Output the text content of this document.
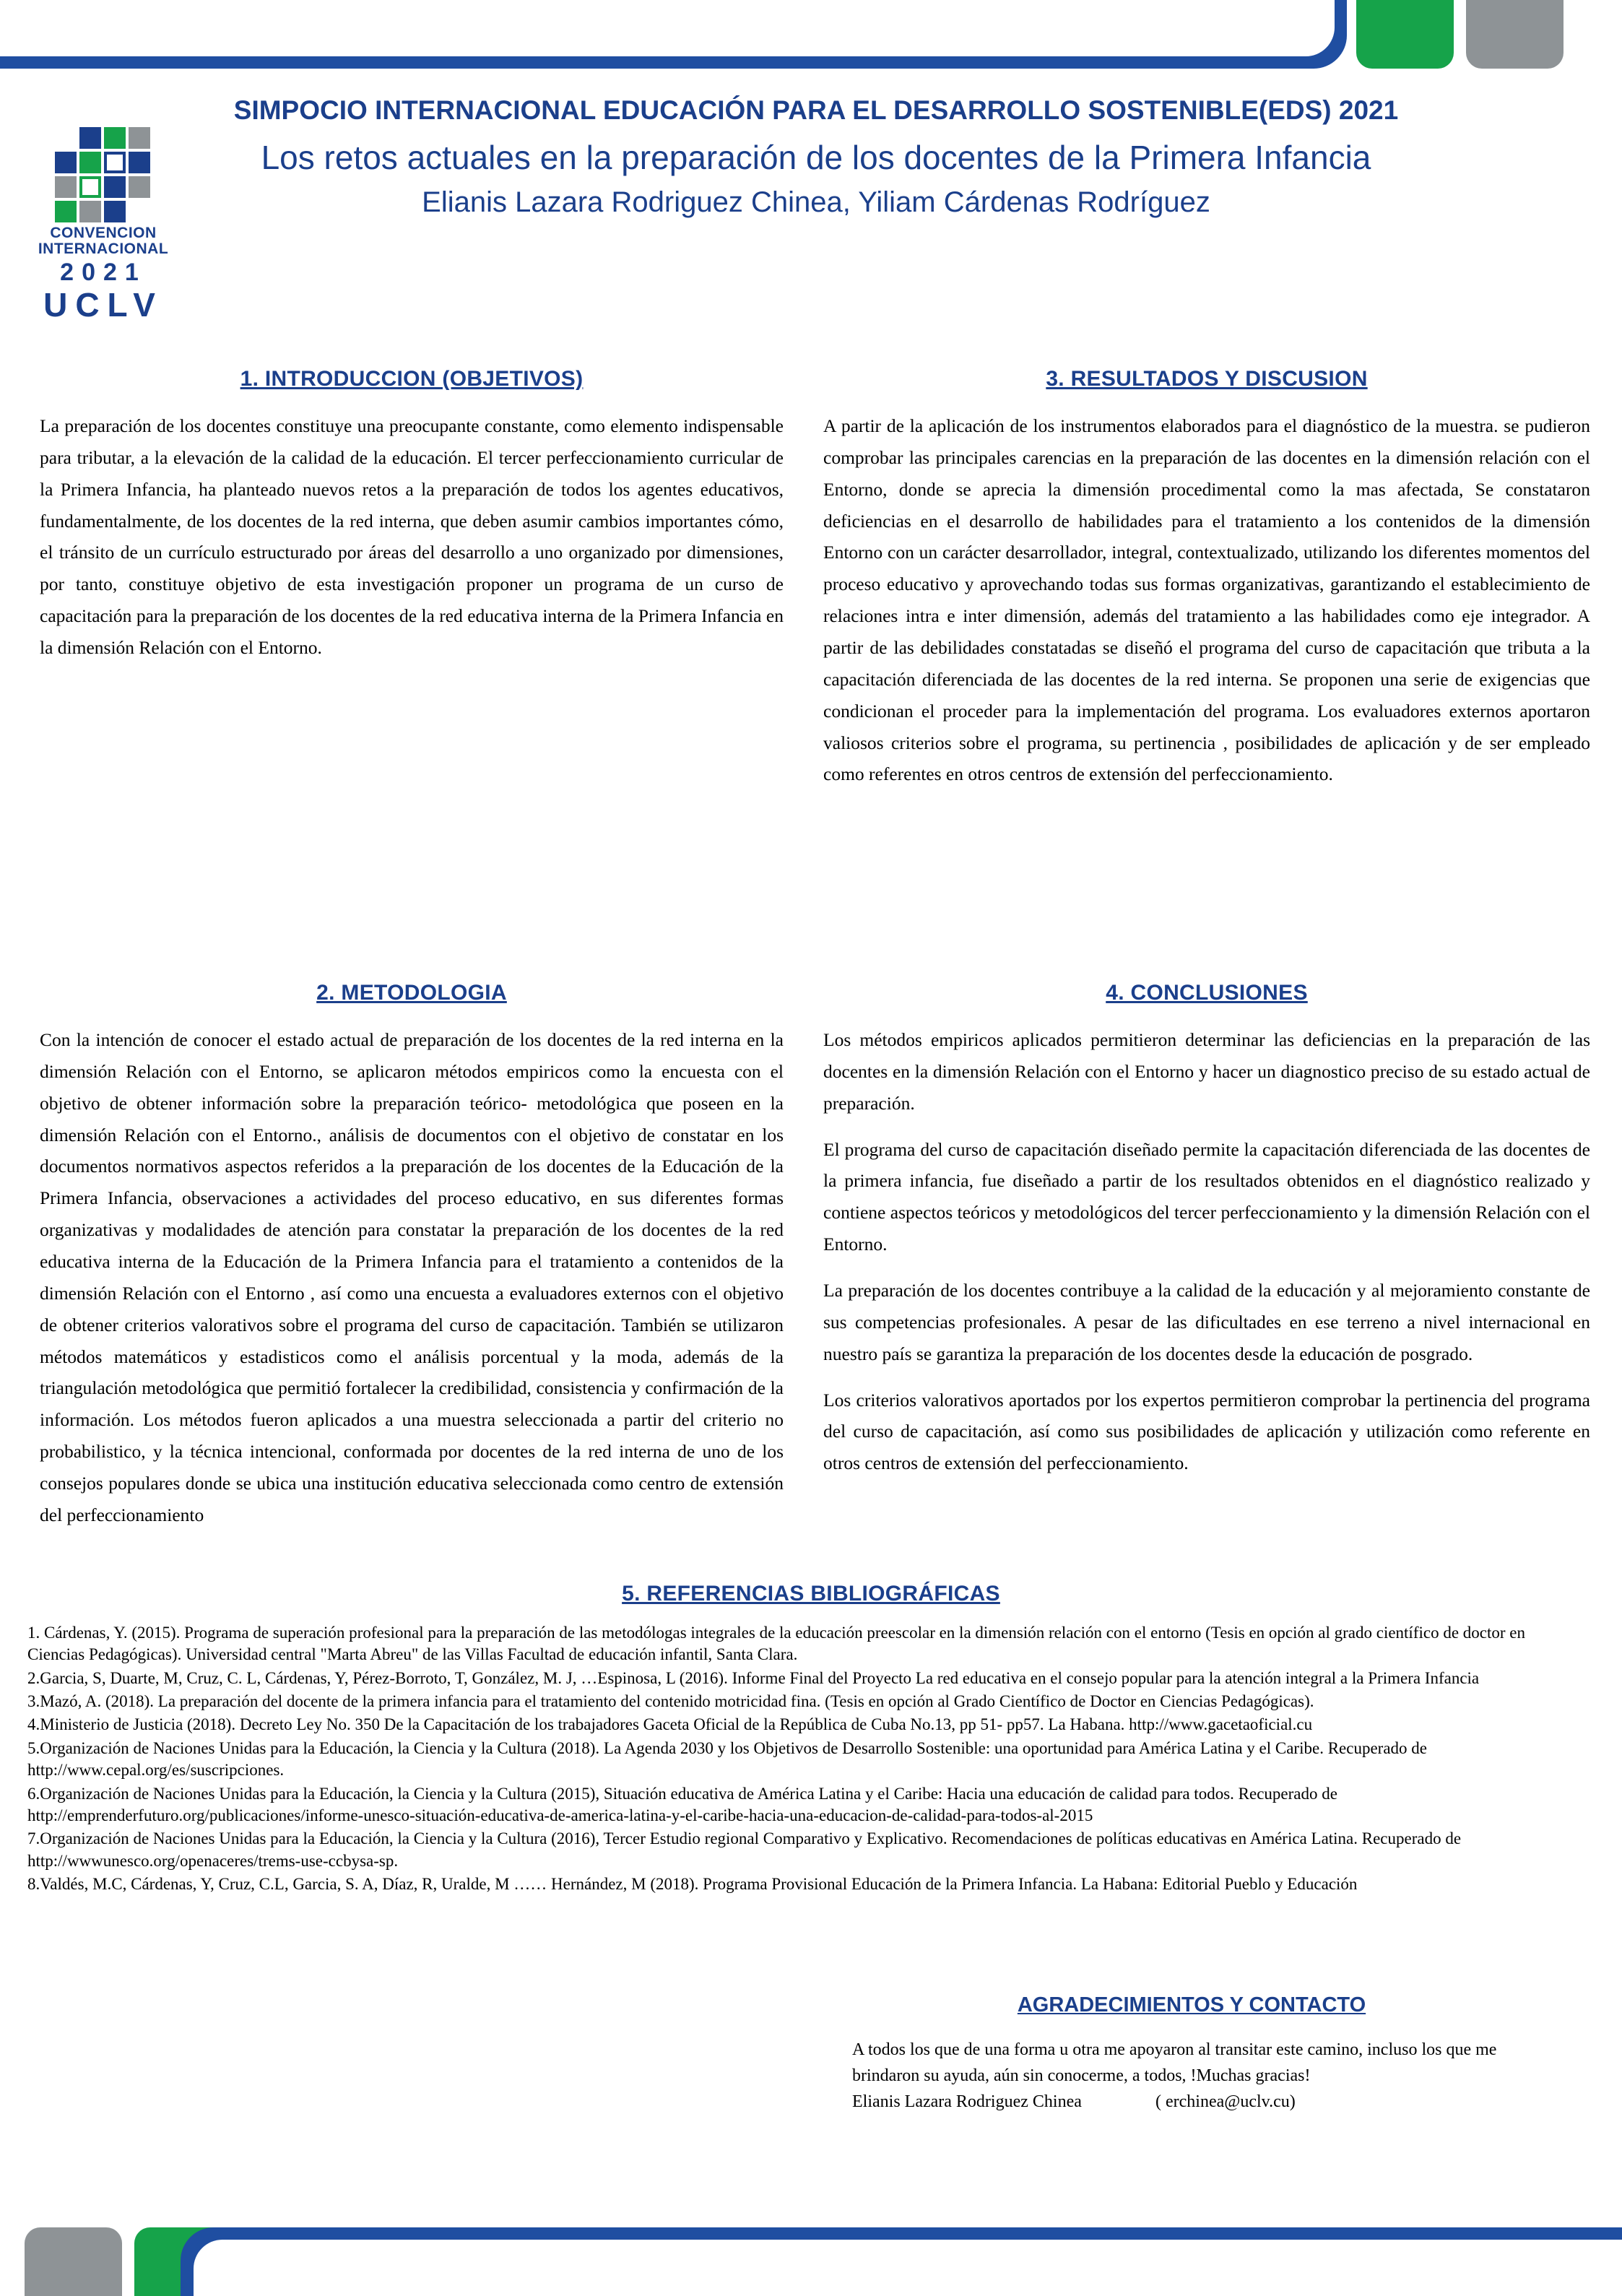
CONVENCION
INTERNACIONAL
2021
UCLV
SIMPOCIO INTERNACIONAL EDUCACIÓN PARA EL DESARROLLO SOSTENIBLE(EDS) 2021
Los retos actuales en la preparación de los docentes de la Primera Infancia
Elianis Lazara Rodriguez Chinea, Yiliam Cárdenas Rodríguez
1. INTRODUCCION (OBJETIVOS)

La preparación de los docentes constituye una preocupante constante, como elemento indispensable para tributar, a la elevación de la calidad de la educación. El tercer perfeccionamiento curricular de la Primera Infancia, ha planteado nuevos retos a la preparación de todos los agentes educativos, fundamentalmente, de los docentes de la red interna, que deben asumir cambios importantes cómo, el tránsito de un currículo estructurado por áreas del desarrollo a uno organizado por dimensiones, por tanto, constituye objetivo de esta investigación proponer un programa de un curso de capacitación para la preparación de los docentes de la red educativa interna de la Primera Infancia en la dimensión Relación con el Entorno.

3. RESULTADOS Y DISCUSION

A partir de la aplicación de los instrumentos elaborados para el diagnóstico de la muestra. se pudieron comprobar las principales carencias en la preparación de las docentes en la dimensión relación con el Entorno, donde se aprecia la dimensión procedimental como la mas afectada, Se constataron deficiencias en el desarrollo de habilidades para el tratamiento a los contenidos de la dimensión Entorno con un carácter desarrollador, integral, contextualizado, utilizando los diferentes momentos del proceso educativo y aprovechando todas sus formas organizativas, garantizando el establecimiento de relaciones intra e inter dimensión, además del tratamiento a las habilidades como eje integrador. A partir de las debilidades constatadas se diseñó el programa del curso de capacitación que tributa a la capacitación diferenciada de las docentes de la red interna. Se proponen una serie de exigencias que condicionan el proceder para la implementación del programa. Los evaluadores externos aportaron valiosos criterios sobre el programa, su pertinencia , posibilidades de aplicación y de ser empleado como referentes en otros centros de extensión del perfeccionamiento.

2. METODOLOGIA

Con la intención de conocer el estado actual de preparación de los docentes de la red interna en la dimensión Relación con el Entorno, se aplicaron métodos empiricos como la encuesta con el objetivo de obtener información sobre la preparación teórico- metodológica que poseen en la dimensión Relación con el Entorno., análisis de documentos con el objetivo de constatar en los documentos normativos aspectos referidos a la preparación de los docentes de la Educación de la Primera Infancia, observaciones a actividades del proceso educativo, en sus diferentes formas organizativas y modalidades de atención para constatar la preparación de los docentes de la red educativa interna de la Educación de la Primera Infancia para el tratamiento a contenidos de la dimensión Relación con el Entorno , así como una encuesta a evaluadores externos con el objetivo de obtener criterios valorativos sobre el programa del curso de capacitación. También se utilizaron métodos matemáticos y estadisticos como el análisis porcentual y la moda, además de la triangulación metodológica que permitió fortalecer la credibilidad, consistencia y confirmación de la información. Los métodos fueron aplicados a una muestra seleccionada a partir del criterio no probabilistico, y la técnica intencional, conformada por docentes de la red interna de uno de los consejos populares donde se ubica una institución educativa seleccionada como centro de extensión del perfeccionamiento

4. CONCLUSIONES

Los métodos empiricos aplicados permitieron determinar las deficiencias en la preparación de las docentes en la dimensión Relación con el Entorno y hacer un diagnostico preciso de su estado actual de preparación.

El programa del curso de capacitación diseñado permite la capacitación diferenciada de las docentes de la primera infancia, fue diseñado a partir de los resultados obtenidos en el diagnóstico realizado y contiene aspectos teóricos y metodológicos del tercer perfeccionamiento y la dimensión Relación con el Entorno.

La preparación de los docentes contribuye a la calidad de la educación y al mejoramiento constante de sus competencias profesionales. A pesar de las dificultades en ese terreno a nivel internacional en nuestro país se garantiza la preparación de los docentes desde la educación de posgrado.

Los criterios valorativos aportados por los expertos permitieron comprobar la pertinencia del programa del curso de capacitación, así como sus posibilidades de aplicación y utilización como referente en otros centros de extensión del perfeccionamiento.

5. REFERENCIAS BIBLIOGRÁFICAS

1. Cárdenas, Y. (2015). Programa de superación profesional para la preparación de las metodólogas integrales de la educación preescolar en la dimensión relación con el entorno (Tesis en opción al grado científico de doctor en Ciencias Pedagógicas). Universidad central "Marta Abreu" de las Villas Facultad de educación infantil, Santa Clara.

2.Garcia, S, Duarte, M, Cruz, C. L, Cárdenas, Y, Pérez-Borroto, T, González, M. J, …Espinosa, L (2016). Informe Final del Proyecto La red educativa en el consejo popular para la atención integral a la Primera Infancia

3.Mazó, A. (2018). La preparación del docente de la primera infancia para el tratamiento del contenido motricidad fina. (Tesis en opción al Grado Científico de Doctor en Ciencias Pedagógicas).

4.Ministerio de Justicia (2018). Decreto Ley No. 350 De la Capacitación de los trabajadores Gaceta Oficial de la República de Cuba No.13, pp 51- pp57. La Habana. http://www.gacetaoficial.cu

5.Organización de Naciones Unidas para la Educación, la Ciencia y la Cultura (2018). La Agenda 2030 y los Objetivos de Desarrollo Sostenible: una oportunidad para América Latina y el Caribe. Recuperado de http://www.cepal.org/es/suscripciones.

6.Organización de Naciones Unidas para la Educación, la Ciencia y la Cultura (2015), Situación educativa de América Latina y el Caribe: Hacia una educación de calidad para todos. Recuperado de http://emprenderfuturo.org/publicaciones/informe-unesco-situación-educativa-de-america-latina-y-el-caribe-hacia-una-educacion-de-calidad-para-todos-al-2015

7.Organización de Naciones Unidas para la Educación, la Ciencia y la Cultura (2016), Tercer Estudio regional Comparativo y Explicativo. Recomendaciones de políticas educativas en América Latina. Recuperado de http://wwwunesco.org/openaceres/trems-use-ccbysa-sp.

8.Valdés, M.C, Cárdenas, Y, Cruz, C.L, Garcia, S. A, Díaz, R, Uralde, M …… Hernández, M (2018). Programa Provisional Educación de la Primera Infancia. La Habana: Editorial Pueblo y Educación

AGRADECIMIENTOS Y CONTACTO
A todos los que de una forma u otra me apoyaron al transitar este camino, incluso los que me brindaron su ayuda, aún sin conocerme, a todos, !Muchas gracias!
Elianis Lazara Rodriguez Chinea	( erchinea@uclv.cu)
